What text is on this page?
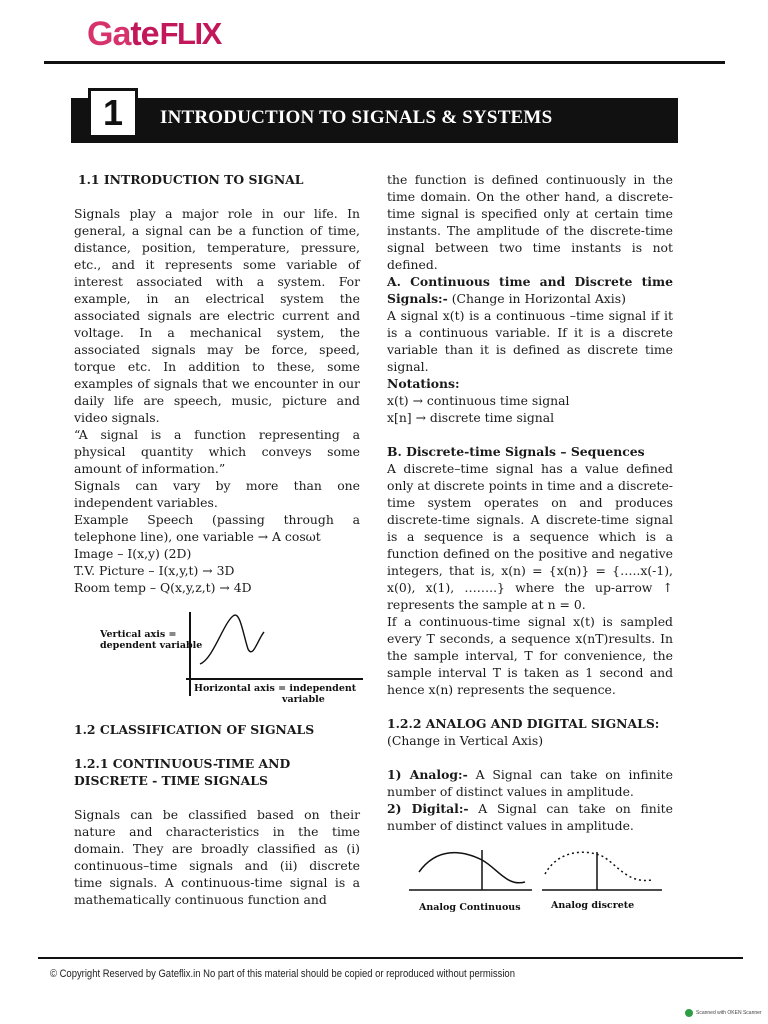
Ga te FLIX
1	INTRODUCTION TO SIGNALS & SYSTEMS

1.1 INTRODUCTION TO SIGNAL

Signals play a major role in our life. In general, a signal can be a function of time, distance, position, temperature, pressure, etc., and it represents some variable of interest associated with a system. For example, in an electrical system the associated signals are electric current and voltage. In a mechanical system, the associated signals may be force, speed, torque etc. In addition to these, some examples of signals that we encounter in our daily life are speech, music, picture and video signals.

“A signal is a function representing a physical quantity which conveys some amount of information.”

Signals can vary by more than one independent variables.

Example Speech (passing through a telephone line), one variable → A cosωt

Image – I(x,y) (2D)

T.V. Picture – I(x,y,t) → 3D

Room temp – Q(x,y,z,t) → 4D

Vertical axis =
dependent variable
Horizontal axis = independent
variable

1.2 CLASSIFICATION OF SIGNALS

1.2.1 CONTINUOUS-TIME AND

DISCRETE - TIME SIGNALS

Signals can be classified based on their nature and characteristics in the time domain. They are broadly classified as (i) continuous–time signals and (ii) discrete time signals. A continuous-time signal is a mathematically continuous function and

the function is defined continuously in the time domain. On the other hand, a discrete-time signal is specified only at certain time instants. The amplitude of the discrete-time signal between two time instants is not defined.

A. Continuous time and Discrete time Signals:- (Change in Horizontal Axis)

A signal x(t) is a continuous –time signal if it is a continuous variable. If it is a discrete variable than it is defined as discrete time signal.

Notations:

x(t) → continuous time signal

x[n] → discrete time signal

B. Discrete-time Signals – Sequences

A discrete–time signal has a value defined only at discrete points in time and a discrete-time system operates on and produces discrete-time signals. A discrete-time signal is a sequence is a sequence which is a function defined on the positive and negative integers, that is, x(n) = {x(n)} = {…..x(-1), x(0), x(1), ……..} where the up-arrow ↑ represents the sample at n = 0.

If a continuous-time signal x(t) is sampled every T seconds, a sequence x(nT)results. In the sample interval, T for convenience, the sample interval T is taken as 1 second and hence x(n) represents the sequence.

1.2.2 ANALOG AND DIGITAL SIGNALS:

(Change in Vertical Axis)

1) Analog:- A Signal can take on infinite number of distinct values in amplitude.

2) Digital:- A Signal can take on finite number of distinct values in amplitude.

Analog Continuous	Analog discrete
© Copyright Reserved by Gateflix.in No part of this material should be copied or reproduced without permission
Scanned with OKEN Scanner
